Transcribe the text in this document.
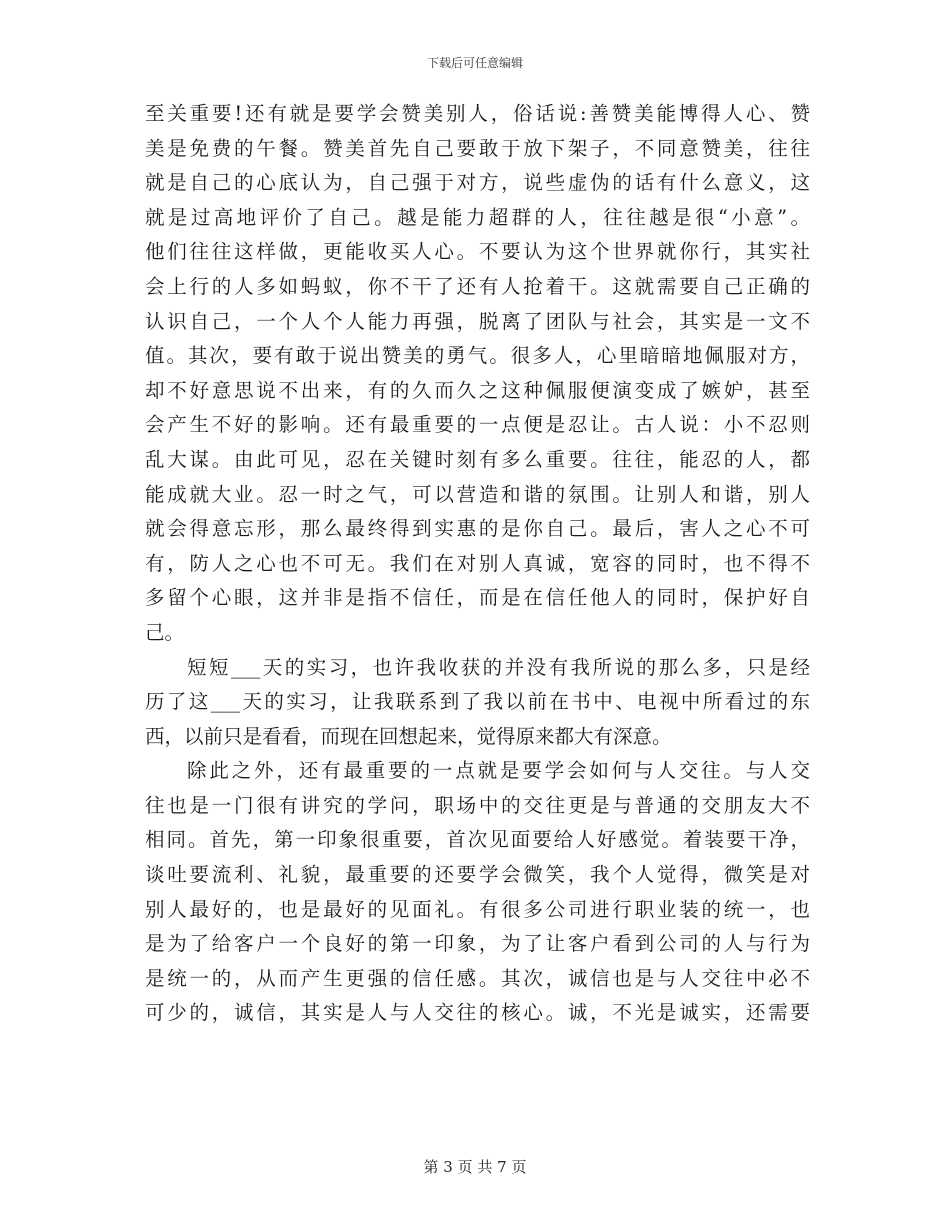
下载后可任意编辑
至关重要!还有就是要学会赞美别人，俗话说:善赞美能博得人心、赞
美是免费的午餐。赞美首先自己要敢于放下架子，不同意赞美，往往
就是自己的心底认为，自己强于对方，说些虚伪的话有什么意义，这
就是过高地评价了自己。越是能力超群的人，往往越是很“小意”。
他们往往这样做，更能收买人心。不要认为这个世界就你行，其实社
会上行的人多如蚂蚁，你不干了还有人抢着干。这就需要自己正确的
认识自己，一个人个人能力再强，脱离了团队与社会，其实是一文不
值。其次，要有敢于说出赞美的勇气。很多人，心里暗暗地佩服对方，
却不好意思说不出来，有的久而久之这种佩服便演变成了嫉妒，甚至
会产生不好的影响。还有最重要的一点便是忍让。古人说：小不忍则
乱大谋。由此可见，忍在关键时刻有多么重要。往往，能忍的人，都
能成就大业。忍一时之气，可以营造和谐的氛围。让别人和谐，别人
就会得意忘形，那么最终得到实惠的是你自己。最后，害人之心不可
有，防人之心也不可无。我们在对别人真诚，宽容的同时，也不得不
多留个心眼，这并非是指不信任，而是在信任他人的同时，保护好自
己。
短短___天的实习，也许我收获的并没有我所说的那么多，只是经
历了这___天的实习，让我联系到了我以前在书中、电视中所看过的东
西，以前只是看看，而现在回想起来，觉得原来都大有深意。
除此之外，还有最重要的一点就是要学会如何与人交往。与人交
往也是一门很有讲究的学问，职场中的交往更是与普通的交朋友大不
相同。首先，第一印象很重要，首次见面要给人好感觉。着装要干净，
谈吐要流利、礼貌，最重要的还要学会微笑，我个人觉得，微笑是对
别人最好的，也是最好的见面礼。有很多公司进行职业装的统一，也
是为了给客户一个良好的第一印象，为了让客户看到公司的人与行为
是统一的，从而产生更强的信任感。其次，诚信也是与人交往中必不
可少的，诚信，其实是人与人交往的核心。诚，不光是诚实，还需要
第 3 页 共 7 页
